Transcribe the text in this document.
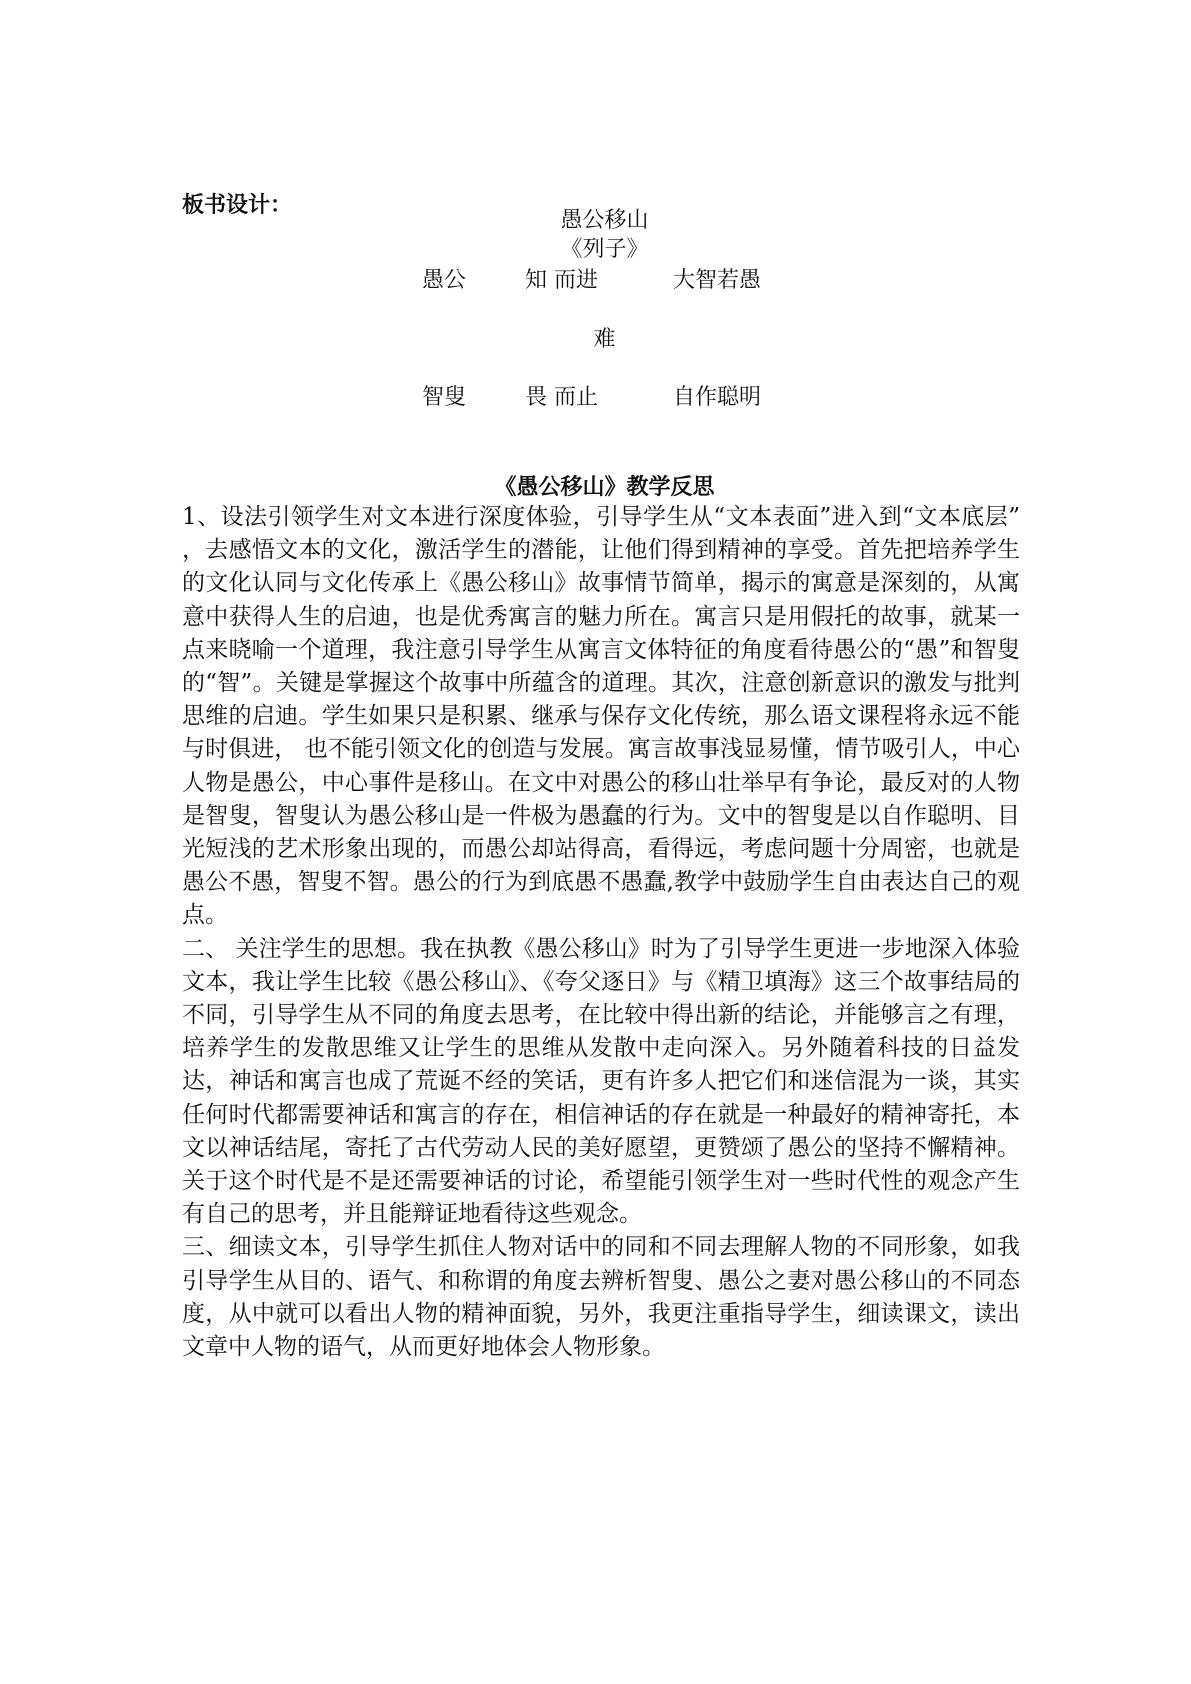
板书设计：
愚公移山
《列子》
愚公	知 而进	大智若愚
难
智叟	畏 而止	自作聪明
《愚公移山》教学反思

1、设法引领学生对文本进行深度体验，引导学生从“文本表面”进入到“文本底层” ，去感悟文本的文化，激活学生的潜能，让他们得到精神的享受。首先把培养学生的文化认同与文化传承上《愚公移山》故事情节简单，揭示的寓意是深刻的，从寓意中获得人生的启迪，也是优秀寓言的魅力所在。寓言只是用假托的故事，就某一点来晓喻一个道理，我注意引导学生从寓言文体特征的角度看待愚公的“愚”和智叟的“智”。关键是掌握这个故事中所蕴含的道理。其次，注意创新意识的激发与批判思维的启迪。学生如果只是积累、继承与保存文化传统，那么语文课程将永远不能与时俱进， 也不能引领文化的创造与发展。寓言故事浅显易懂，情节吸引人，中心人物是愚公，中心事件是移山。在文中对愚公的移山壮举早有争论，最反对的人物是智叟，智叟认为愚公移山是一件极为愚蠢的行为。文中的智叟是以自作聪明、目光短浅的艺术形象出现的，而愚公却站得高，看得远，考虑问题十分周密，也就是愚公不愚，智叟不智。愚公的行为到底愚不愚蠢,教学中鼓励学生自由表达自己的观点。

二、 关注学生的思想。我在执教《愚公移山》时为了引导学生更进一步地深入体验文本，我让学生比较《愚公移山》、《夸父逐日》与《精卫填海》这三个故事结局的不同，引导学生从不同的角度去思考，在比较中得出新的结论，并能够言之有理，培养学生的发散思维又让学生的思维从发散中走向深入。另外随着科技的日益发达，神话和寓言也成了荒诞不经的笑话，更有许多人把它们和迷信混为一谈，其实任何时代都需要神话和寓言的存在，相信神话的存在就是一种最好的精神寄托，本文以神话结尾，寄托了古代劳动人民的美好愿望，更赞颂了愚公的坚持不懈精神。关于这个时代是不是还需要神话的讨论，希望能引领学生对一些时代性的观念产生有自己的思考，并且能辩证地看待这些观念。

三、细读文本，引导学生抓住人物对话中的同和不同去理解人物的不同形象，如我引导学生从目的、语气、和称谓的角度去辨析智叟、愚公之妻对愚公移山的不同态度，从中就可以看出人物的精神面貌，另外，我更注重指导学生，细读课文，读出文章中人物的语气，从而更好地体会人物形象。
